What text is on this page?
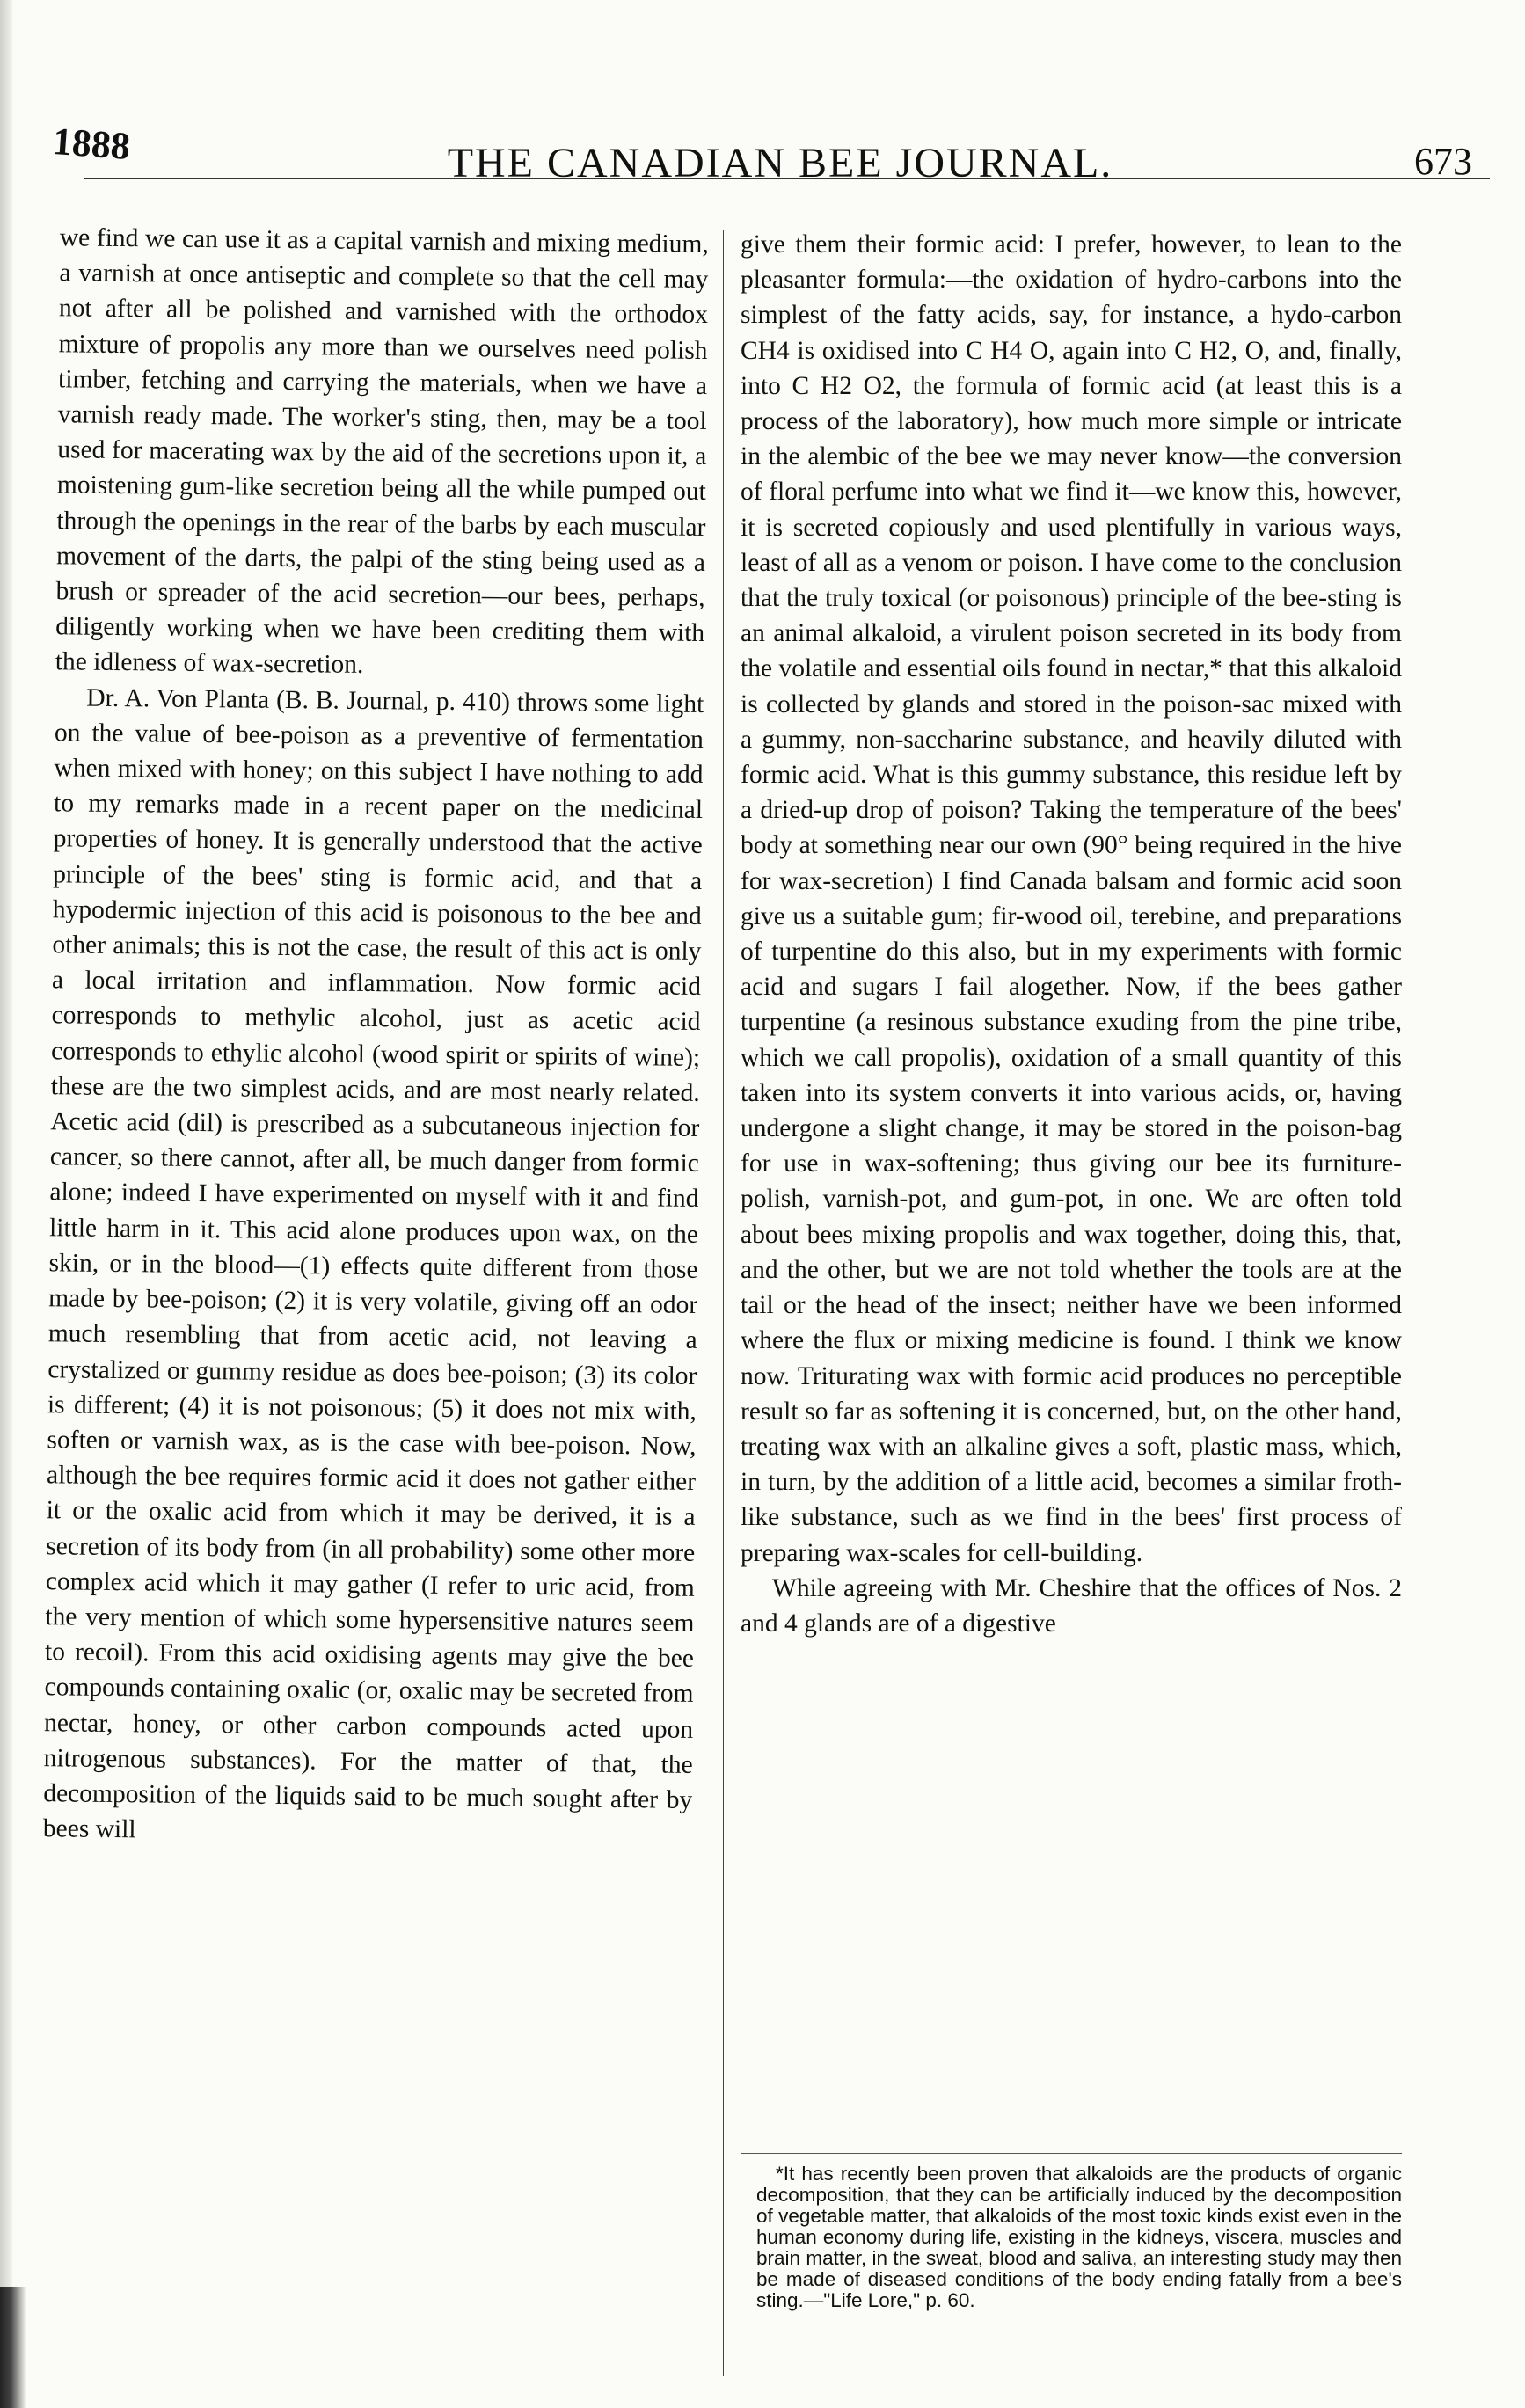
1888	THE CANADIAN BEE JOURNAL.	673

we find we can use it as a capital varnish and mixing medium, a varnish at once antiseptic and complete so that the cell may not after all be polished and varnished with the orthodox mixture of propolis any more than we ourselves need polish timber, fetching and carrying the materials, when we have a varnish ready made. The worker's sting, then, may be a tool used for macerating wax by the aid of the secretions upon it, a moistening gum-like secretion being all the while pumped out through the openings in the rear of the barbs by each muscular movement of the darts, the palpi of the sting being used as a brush or spreader of the acid secretion—our bees, perhaps, diligently working when we have been crediting them with the idleness of wax-secretion.

Dr. A. Von Planta (B. B. Journal, p. 410) throws some light on the value of bee-poison as a preventive of fermentation when mixed with honey; on this subject I have nothing to add to my remarks made in a recent paper on the medicinal properties of honey. It is generally understood that the active principle of the bees' sting is formic acid, and that a hypodermic injection of this acid is poisonous to the bee and other animals; this is not the case, the result of this act is only a local irritation and inflammation. Now formic acid corresponds to methylic alcohol, just as acetic acid corresponds to ethylic alcohol (wood spirit or spirits of wine); these are the two simplest acids, and are most nearly related. Acetic acid (dil) is prescribed as a subcutaneous injection for cancer, so there cannot, after all, be much danger from formic alone; indeed I have experimented on myself with it and find little harm in it. This acid alone produces upon wax, on the skin, or in the blood—(1) effects quite different from those made by bee-poison; (2) it is very volatile, giving off an odor much resembling that from acetic acid, not leaving a crystalized or gummy residue as does bee-poison; (3) its color is different; (4) it is not poisonous; (5) it does not mix with, soften or varnish wax, as is the case with bee-poison. Now, although the bee requires formic acid it does not gather either it or the oxalic acid from which it may be derived, it is a secretion of its body from (in all probability) some other more complex acid which it may gather (I refer to uric acid, from the very mention of which some hypersensitive natures seem to recoil). From this acid oxidising agents may give the bee compounds containing oxalic (or, oxalic may be secreted from nectar, honey, or other carbon compounds acted upon nitrogenous substances). For the matter of that, the decomposition of the liquids said to be much sought after by bees will

give them their formic acid: I prefer, however, to lean to the pleasanter formula:—the oxidation of hydro-carbons into the simplest of the fatty acids, say, for instance, a hydo-carbon CH4 is oxidised into C H4 O, again into C H2, O, and, finally, into C H2 O2, the formula of formic acid (at least this is a process of the laboratory), how much more simple or intricate in the alembic of the bee we may never know—the conversion of floral perfume into what we find it—we know this, however, it is secreted copiously and used plentifully in various ways, least of all as a venom or poison. I have come to the conclusion that the truly toxical (or poisonous) principle of the bee-sting is an animal alkaloid, a virulent poison secreted in its body from the volatile and essential oils found in nectar,* that this alkaloid is collected by glands and stored in the poison-sac mixed with a gummy, non-saccharine substance, and heavily diluted with formic acid. What is this gummy substance, this residue left by a dried-up drop of poison? Taking the temperature of the bees' body at something near our own (90° being required in the hive for wax-secretion) I find Canada balsam and formic acid soon give us a suitable gum; fir-wood oil, terebine, and preparations of turpentine do this also, but in my experiments with formic acid and sugars I fail alogether. Now, if the bees gather turpentine (a resinous substance exuding from the pine tribe, which we call propolis), oxidation of a small quantity of this taken into its system converts it into various acids, or, having undergone a slight change, it may be stored in the poison-bag for use in wax-softening; thus giving our bee its furniture-polish, varnish-pot, and gum-pot, in one. We are often told about bees mixing propolis and wax together, doing this, that, and the other, but we are not told whether the tools are at the tail or the head of the insect; neither have we been informed where the flux or mixing medicine is found. I think we know now. Triturating wax with formic acid produces no perceptible result so far as softening it is concerned, but, on the other hand, treating wax with an alkaline gives a soft, plastic mass, which, in turn, by the addition of a little acid, becomes a similar froth-like substance, such as we find in the bees' first process of preparing wax-scales for cell-building.

While agreeing with Mr. Cheshire that the offices of Nos. 2 and 4 glands are of a digestive

*It has recently been proven that alkaloids are the products of organic decomposition, that they can be artificially induced by the decomposition of vegetable matter, that alkaloids of the most toxic kinds exist even in the human economy during life, existing in the kidneys, viscera, muscles and brain matter, in the sweat, blood and saliva, an interesting study may then be made of diseased conditions of the body ending fatally from a bee's sting.—"Life Lore," p. 60.
